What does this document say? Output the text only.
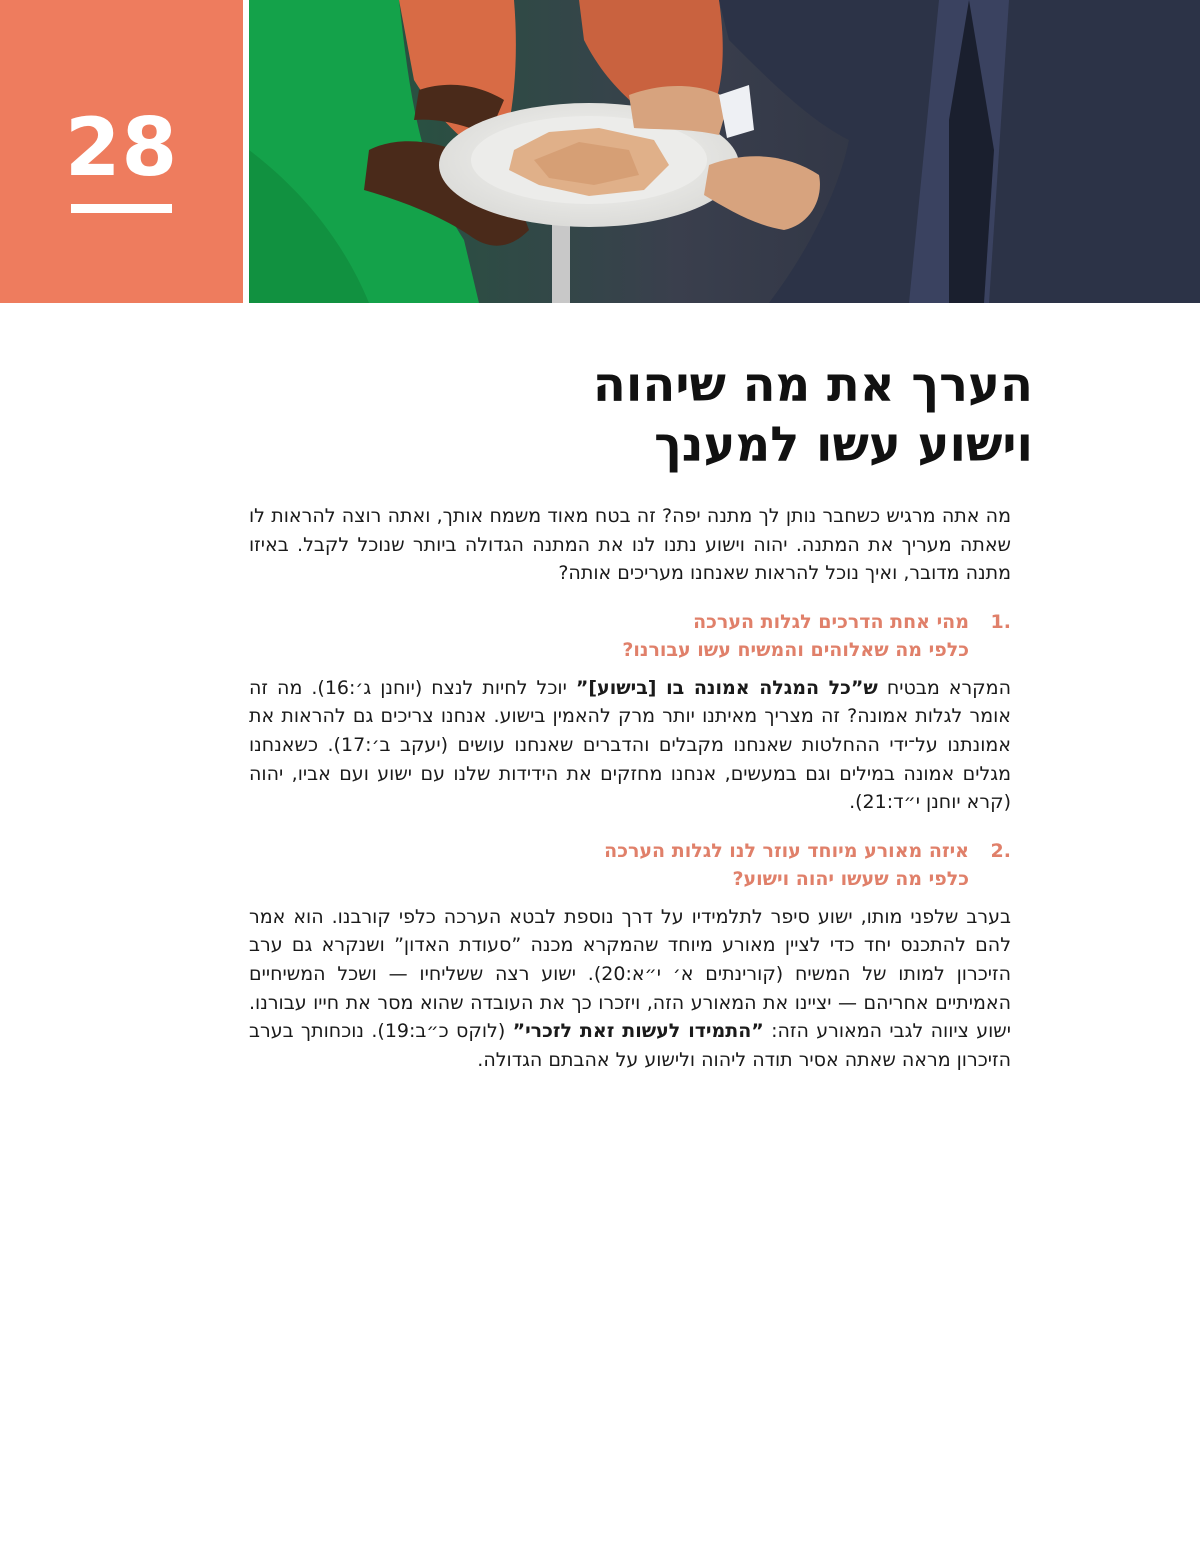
28
הערך את מה שיהוה
וישוע עשו למענך

מה אתה מרגיש כשחבר נותן לך מתנה יפה? זה בטח מאוד משמח אותך, ואתה רוצה להראות לו שאתה מעריך את המתנה. יהוה וישוע נתנו לנו את המתנה הגדולה ביותר שנוכל לקבל. באיזו מתנה מדובר, ואיך נוכל להראות שאנחנו מעריכים אותה?

1.
מהי אחת הדרכים לגלות הערכה
כלפי מה שאלוהים והמשיח עשו עבורנו?

המקרא מבטיח ש”כל המגלה אמונה בו [בישוע]” יוכל לחיות לנצח (יוחנן ג׳:16). מה זה אומר לגלות אמונה? זה מצריך מאיתנו יותר מרק להאמין בישוע. אנחנו צריכים גם להראות את אמונתנו על־ידי ההחלטות שאנחנו מקבלים והדברים שאנחנו עושים (יעקב ב׳:17). כשאנחנו מגלים אמונה במילים וגם במעשים, אנחנו מחזקים את הידידות שלנו עם ישוע ועם אביו, יהוה (קרא יוחנן י״ד:21).

2.
איזה מאורע מיוחד עוזר לנו לגלות הערכה
כלפי מה שעשו יהוה וישוע?

בערב שלפני מותו, ישוע סיפר לתלמידיו על דרך נוספת לבטא הערכה כלפי קורבנו. הוא אמר להם להתכנס יחד כדי לציין מאורע מיוחד שהמקרא מכנה ”סעודת האדון” ושנקרא גם ערב הזיכרון למותו של המשיח (קורינתים א׳ י״א:20). ישוע רצה ששליחיו — ושכל המשיחיים האמיתיים אחריהם — יציינו את המאורע הזה, ויזכרו כך את העובדה שהוא מסר את חייו עבורנו. ישוע ציווה לגבי המאורע הזה: ”התמידו לעשות זאת לזכרי” (לוקס כ״ב:19). נוכחותך בערב הזיכרון מראה שאתה אסיר תודה ליהוה ולישוע על אהבתם הגדולה.
